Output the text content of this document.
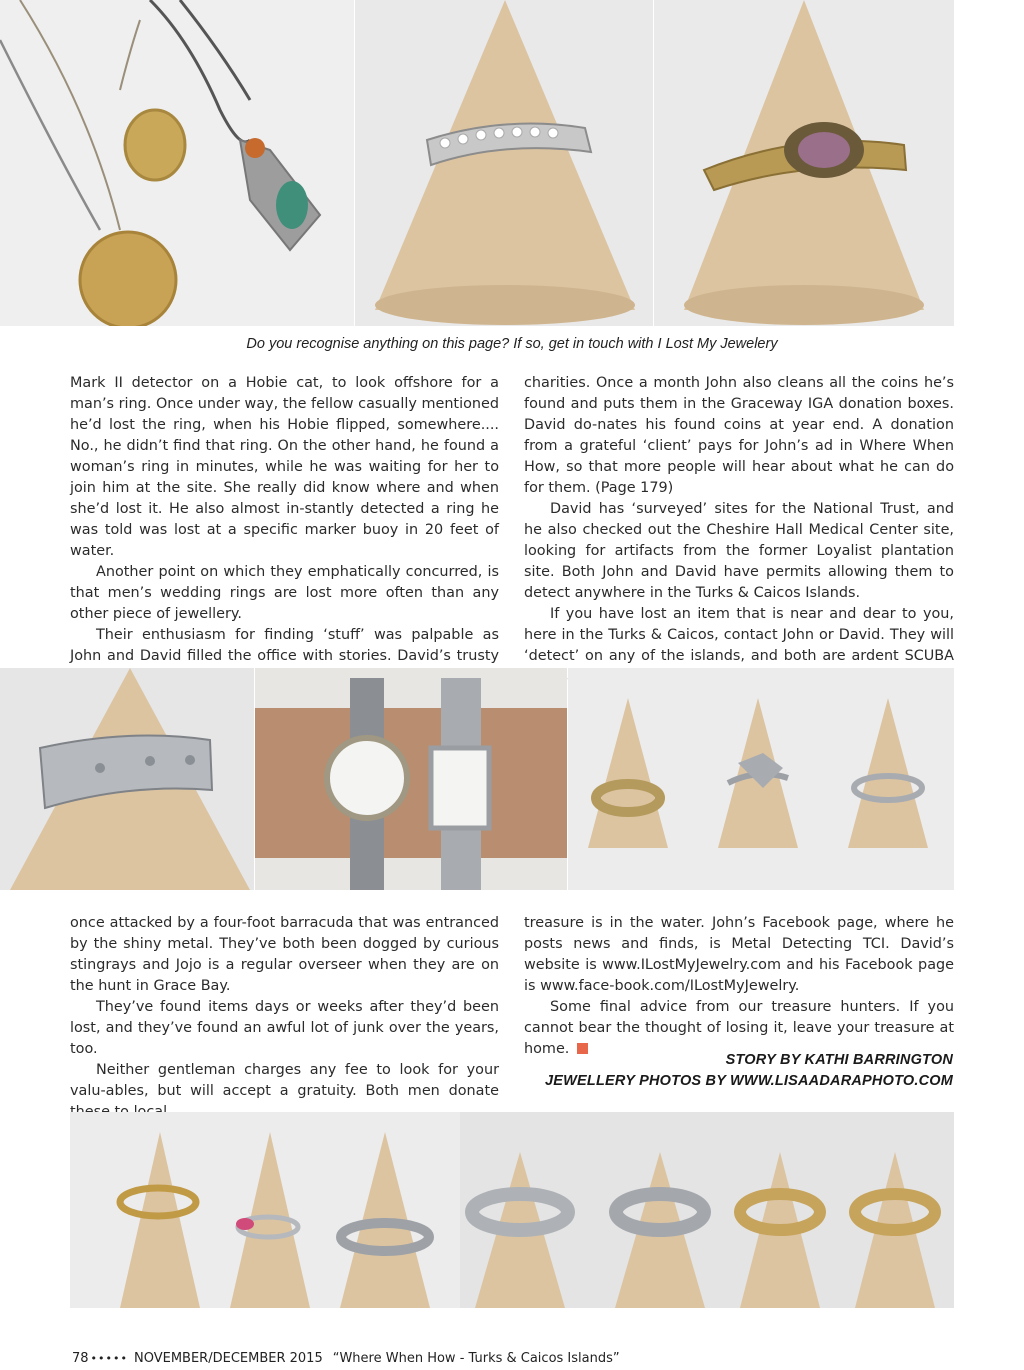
Do you recognise anything on this page? If so, get in touch with I Lost My Jewelery

Mark II detector on a Hobie cat, to look offshore for a man’s ring. Once under way, the fellow casually mentioned he’d lost the ring, when his Hobie flipped, somewhere.... No., he didn’t find that ring. On the other hand, he found a woman’s ring in minutes, while he was waiting for her to join him at the site. She really did know where and when she’d lost it. He also almost in-stantly detected a ring he was told was lost at a specific marker buoy in 20 feet of water.

Another point on which they emphatically concurred, is that men’s wedding rings are lost more often than any other piece of jewellery.

Their enthusiasm for finding ‘stuff’ was palpable as John and David filled the office with stories. David’s trusty

charities. Once a month John also cleans all the coins he’s found and puts them in the Graceway IGA donation boxes. David do-nates his found coins at year end. A donation from a grateful ‘client’ pays for John’s ad in Where When How, so that more people will hear about what he can do for them. (Page 179)

David has ‘surveyed’ sites for the National Trust, and he also checked out the Cheshire Hall Medical Center site, looking for artifacts from the former Loyalist plantation site. Both John and David have permits allowing them to detect anywhere in the Turks & Caicos Islands.

If you have lost an item that is near and dear to you, here in the Turks & Caicos, contact John or David. They will ‘detect’ on any of the islands, and both are ardent SCUBA

once attacked by a four-foot barracuda that was entranced by the shiny metal. They’ve both been dogged by curious stingrays and Jojo is a regular overseer when they are on the hunt in Grace Bay.

They’ve found items days or weeks after they’d been lost, and they’ve found an awful lot of junk over the years, too.

Neither gentleman charges any fee to look for your valu-ables, but will accept a gratuity. Both men donate

treasure is in the water. John’s Facebook page, where he posts news and finds, is Metal Detecting TCI. David’s website is www.ILostMyJewelry.com and his Facebook page is www.face-book.com/ILostMyJewelry.

Some final advice from our treasure hunters. If you cannot bear the thought of losing it, leave your treasure at home.

STORY BY KATHI BARRINGTON
JEWELLERY PHOTOS BY WWW.LISAADARAPHOTO.COM
78 ••••• NOVEMBER/DECEMBER 2015 “Where When How - Turks & Caicos Islands”
